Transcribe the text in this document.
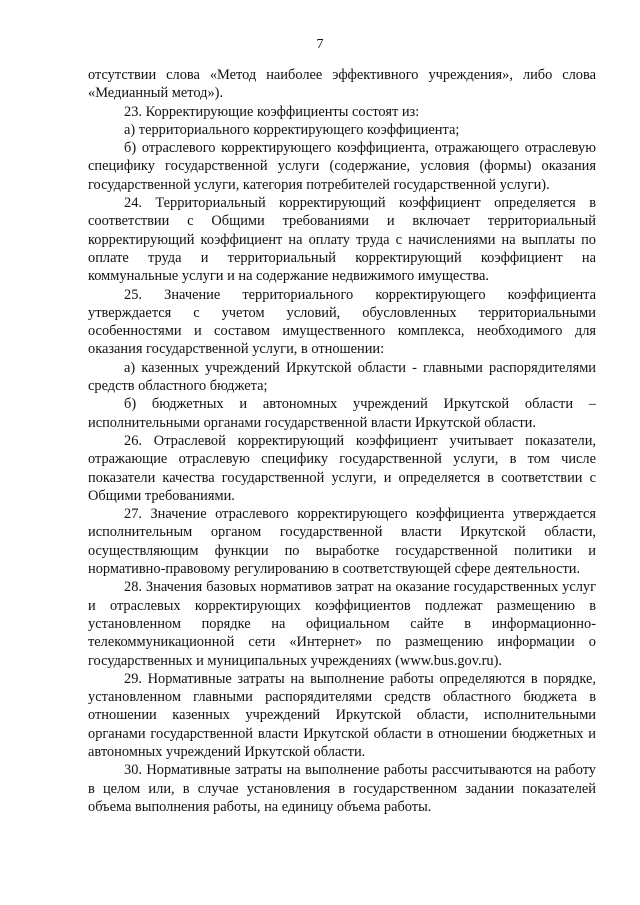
7

отсутствии слова «Метод наиболее эффективного учреждения», либо слова «Медианный метод»).

23. Корректирующие коэффициенты состоят из:

а) территориального корректирующего коэффициента;

б) отраслевого корректирующего коэффициента, отражающего отраслевую специфику государственной услуги (содержание, условия (формы) оказания государственной услуги, категория потребителей государственной услуги).

24. Территориальный корректирующий коэффициент определяется в соответствии с Общими требованиями и включает территориальный корректирующий коэффициент на оплату труда с начислениями на выплаты по оплате труда и территориальный корректирующий коэффициент на коммунальные услуги и на содержание недвижимого имущества.

25. Значение территориального корректирующего коэффициента утверждается с учетом условий, обусловленных территориальными особенностями и составом имущественного комплекса, необходимого для оказания государственной услуги, в отношении:

а) казенных учреждений Иркутской области - главными распорядителями средств областного бюджета;

б) бюджетных и автономных учреждений Иркутской области – исполнительными органами государственной власти Иркутской области.

26. Отраслевой корректирующий коэффициент учитывает показатели, отражающие отраслевую специфику государственной услуги, в том числе показатели качества государственной услуги, и определяется в соответствии с Общими требованиями.

27. Значение отраслевого корректирующего коэффициента утверждается исполнительным органом государственной власти Иркутской области, осуществляющим функции по выработке государственной политики и нормативно-правовому регулированию в соответствующей сфере деятельности.

28. Значения базовых нормативов затрат на оказание государственных услуг и отраслевых корректирующих коэффициентов подлежат размещению в установленном порядке на официальном сайте в информационно-телекоммуникационной сети «Интернет» по размещению информации о государственных и муниципальных учреждениях (www.bus.gov.ru).

29. Нормативные затраты на выполнение работы определяются в порядке, установленном главными распорядителями средств областного бюджета в отношении казенных учреждений Иркутской области, исполнительными органами государственной власти Иркутской области в отношении бюджетных и автономных учреждений Иркутской области.

30. Нормативные затраты на выполнение работы рассчитываются на работу в целом или, в случае установления в государственном задании показателей объема выполнения работы, на единицу объема работы.
